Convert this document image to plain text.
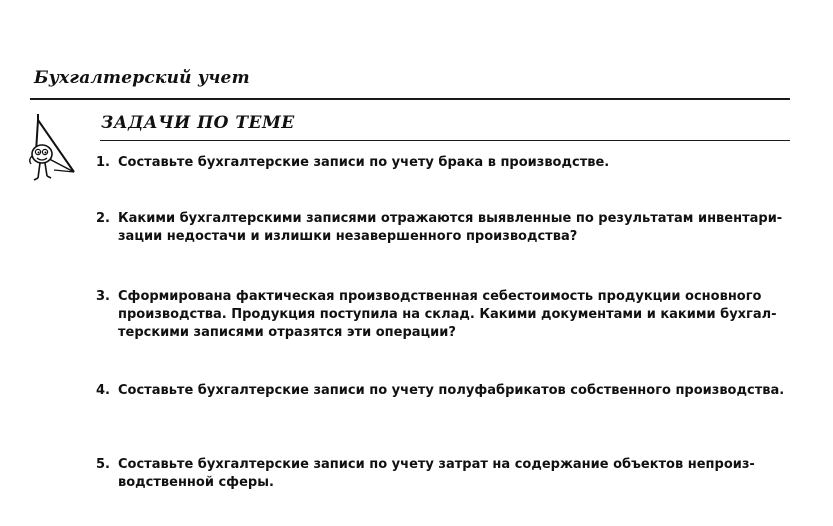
Бухгалтерский учет
ЗАДАЧИ ПО ТЕМЕ
1. Составьте бухгалтерские записи по учету брака в производстве.
2. Какими бухгалтерскими записями отражаются выявленные по результатам инвентари-зации недостачи и излишки незавершенного производства?
3. Сформирована фактическая производственная себестоимость продукции основного производства. Продукция поступила на склад. Какими документами и какими бухгал-терскими записями отразятся эти операции?
4. Составьте бухгалтерские записи по учету полуфабрикатов собственного производства.
5. Составьте бухгалтерские записи по учету затрат на содержание объектов непроиз-водственной сферы.
